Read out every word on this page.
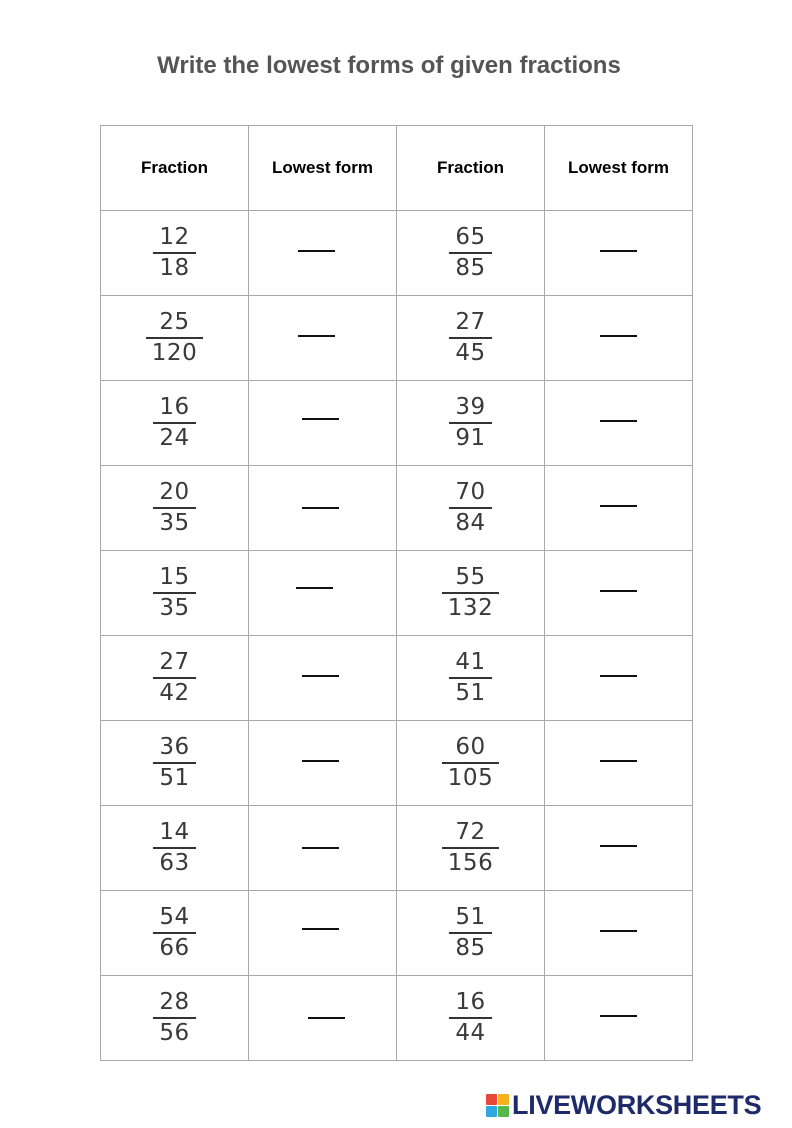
Write the lowest forms of given fractions
Fraction	Lowest form	Fraction	Lowest form

$\frac{12}{18}$		$\frac{65}{85}$

$\frac{25}{120}$		$\frac{27}{45}$

$\frac{16}{24}$		$\frac{39}{91}$

$\frac{20}{35}$		$\frac{70}{84}$

$\frac{15}{35}$		$\frac{55}{132}$

$\frac{27}{42}$		$\frac{41}{51}$

$\frac{36}{51}$		$\frac{60}{105}$

$\frac{14}{63}$		$\frac{72}{156}$

$\frac{54}{66}$		$\frac{51}{85}$

$\frac{28}{56}$		$\frac{16}{44}$

LIVEWORKSHEETS
